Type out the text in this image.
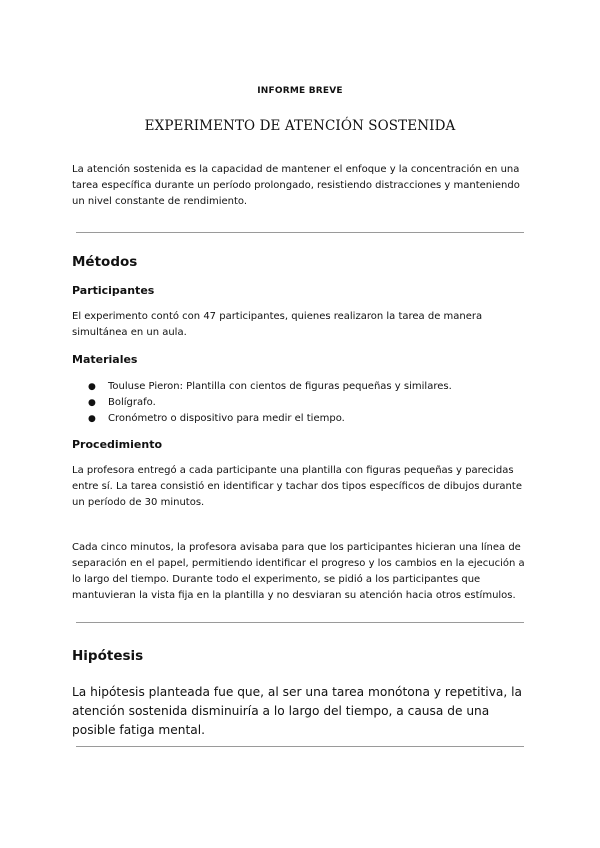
INFORME BREVE
EXPERIMENTO DE ATENCIÓN SOSTENIDA

La atención sostenida es la capacidad de mantener el enfoque y la concentración en una tarea específica durante un período prolongado, resistiendo distracciones y manteniendo un nivel constante de rendimiento.

Métodos
Participantes

El experimento contó con 47 participantes, quienes realizaron la tarea de manera simultánea en un aula.

Materiales
● Touluse Pieron: Plantilla con cientos de figuras pequeñas y similares.
● Bolígrafo.
● Cronómetro o dispositivo para medir el tiempo.
Procedimiento

La profesora entregó a cada participante una plantilla con figuras pequeñas y parecidas entre sí. La tarea consistió en identificar y tachar dos tipos específicos de dibujos durante un período de 30 minutos.

Cada cinco minutos, la profesora avisaba para que los participantes hicieran una línea de separación en el papel, permitiendo identificar el progreso y los cambios en la ejecución a lo largo del tiempo. Durante todo el experimento, se pidió a los participantes que mantuvieran la vista fija en la plantilla y no desviaran su atención hacia otros estímulos.

Hipótesis

La hipótesis planteada fue que, al ser una tarea monótona y repetitiva, la atención sostenida disminuiría a lo largo del tiempo, a causa de una posible fatiga mental.
